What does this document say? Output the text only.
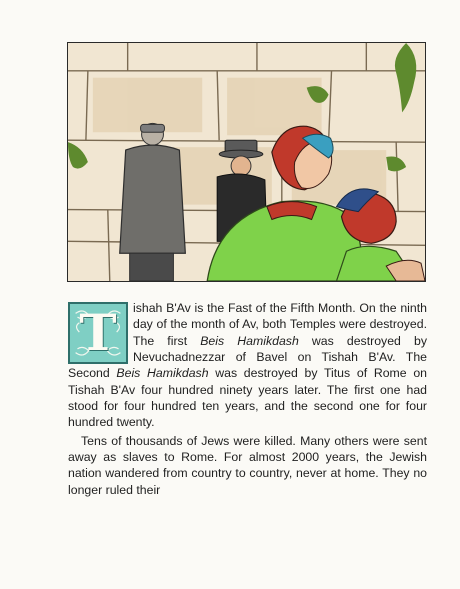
T	ishah B'Av is the Fast of the Fifth Month. On the ninth day of the month of Av, both Temples were destroyed. The first Beis Hamikdash was destroyed by Nevuchadnezzar of Bavel on Tishah B'Av. The Second Beis Hamikdash was destroyed by Titus of Rome on Tishah B'Av four hundred ninety years later. The first one had stood for four hundred ten years, and the second one for four hundred twenty.

Tens of thousands of Jews were killed. Many others were sent away as slaves to Rome. For almost 2000 years, the Jewish nation wandered from country to country, never at home. They no longer ruled their
